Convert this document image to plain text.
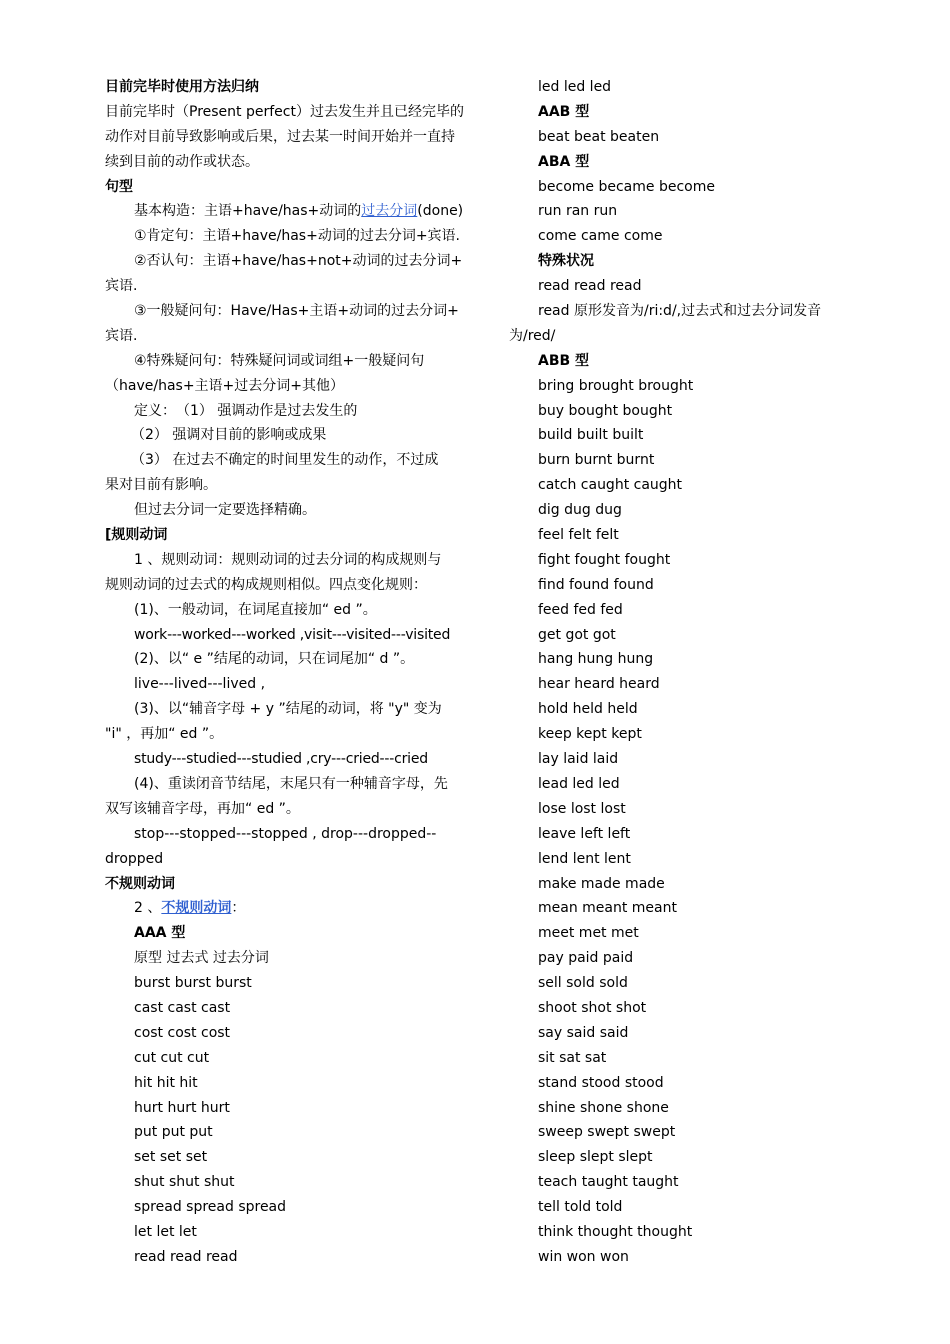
目前完毕时使用方法归纳
目前完毕时（Present perfect）过去发生并且已经完毕的
动作对目前导致影响或后果，过去某一时间开始并一直持
续到目前的动作或状态。
句型
基本构造：主语+have/has+动词的过去分词(done)
①肯定句：主语+have/has+动词的过去分词+宾语.
②否认句：主语+have/has+not+动词的过去分词+
宾语.
③一般疑问句：Have/Has+主语+动词的过去分词+
宾语.
④特殊疑问句：特殊疑问词或词组+一般疑问句
（have/has+主语+过去分词+其他）
定义：　（1） 强调动作是过去发生的
（2） 强调对目前的影响或成果
（3） 在过去不确定的时间里发生的动作，不过成
果对目前有影响。
但过去分词一定要选择精确。
[规则动词
1 、规则动词：规则动词的过去分词的构成规则与
规则动词的过去式的构成规则相似。四点变化规则：
(1)、一般动词，在词尾直接加“ ed ”。
work---worked---worked ,visit---visited---visited
(2)、以“ e ”结尾的动词，只在词尾加“ d ”。
live---lived---lived ,
(3)、以“辅音字母 + y ”结尾的动词，将 "y" 变为
"i" ，再加“ ed ”。
study---studied---studied ,cry---cried---cried
(4)、重读闭音节结尾，末尾只有一种辅音字母，先
双写该辅音字母，再加“ ed ”。
stop---stopped---stopped , drop---dropped--
dropped
不规则动词
2 、不规则动词：
AAA 型
原型 过去式 过去分词
burst burst burst
cast cast cast
cost cost cost
cut cut cut
hit hit hit
hurt hurt hurt
put put put
set set set
shut shut shut
spread spread spread
let let let
read read read
led led led
AAB 型
beat beat beaten
ABA 型
become became become
run ran run
come came come
特殊状况
read read read
read 原形发音为/ri:d/,过去式和过去分词发音
为/red/
ABB 型
bring brought brought
buy bought bought
build built built
burn burnt burnt
catch caught caught
dig dug dug
feel felt felt
fight fought fought
find found found
feed fed fed
get got got
hang hung hung
hear heard heard
hold held held
keep kept kept
lay laid laid
lead led led
lose lost lost
leave left left
lend lent lent
make made made
mean meant meant
meet met met
pay paid paid
sell sold sold
shoot shot shot
say said said
sit sat sat
stand stood stood
shine shone shone
sweep swept swept
sleep slept slept
teach taught taught
tell told told
think thought thought
win won won
